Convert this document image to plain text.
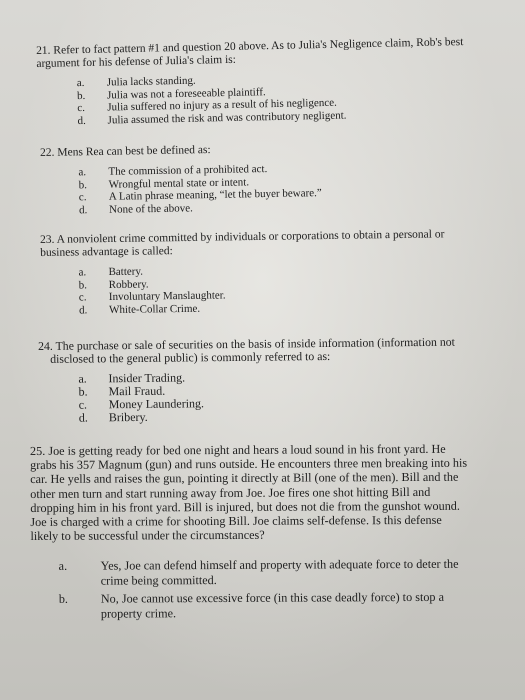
21. Refer to fact pattern #1 and question 20 above. As to Julia's Negligence claim, Rob's best argument for his defense of Julia's claim is:

a.	Julia lacks standing.
b.	Julia was not a foreseeable plaintiff.
c.	Julia suffered no injury as a result of his negligence.
d.	Julia assumed the risk and was contributory negligent.

22. Mens Rea can best be defined as:

a.	The commission of a prohibited act.
b.	Wrongful mental state or intent.
c.	A Latin phrase meaning, “let the buyer beware.”
d.	None of the above.

23. A nonviolent crime committed by individuals or corporations to obtain a personal or business advantage is called:

a.	Battery.
b.	Robbery.
c.	Involuntary Manslaughter.
d.	White-Collar Crime.

24. The purchase or sale of securities on the basis of inside information (information not
disclosed to the general public) is commonly referred to as:

a.	Insider Trading.
b.	Mail Fraud.
c.	Money Laundering.
d.	Bribery.

25. Joe is getting ready for bed one night and hears a loud sound in his front yard. He grabs his 357 Magnum (gun) and runs outside. He encounters three men breaking into his car. He yells and raises the gun, pointing it directly at Bill (one of the men). Bill and the other men turn and start running away from Joe. Joe fires one shot hitting Bill and dropping him in his front yard. Bill is injured, but does not die from the gunshot wound. Joe is charged with a crime for shooting Bill. Joe claims self-defense. Is this defense likely to be successful under the circumstances?

a.	Yes, Joe can defend himself and property with adequate force to deter the crime being committed.
b.	No, Joe cannot use excessive force (in this case deadly force) to stop a property crime.
